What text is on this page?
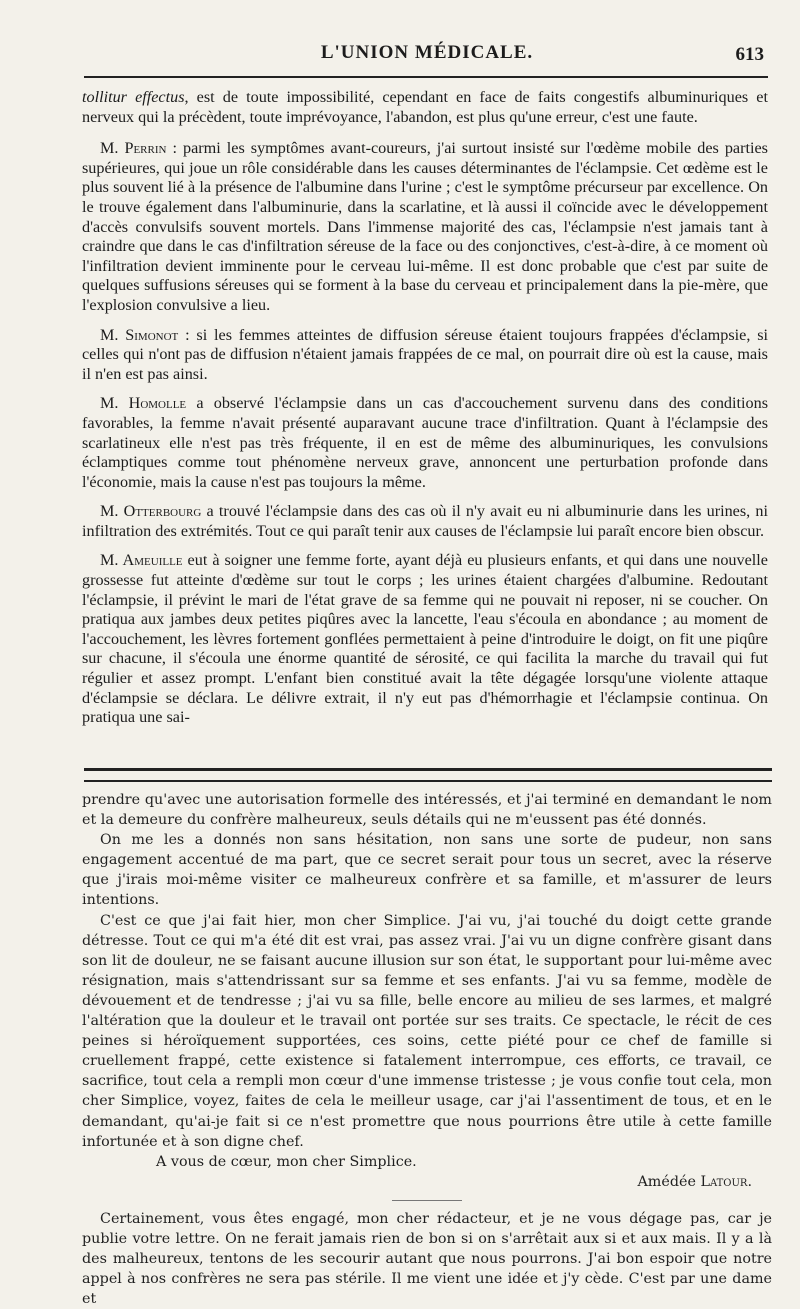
L'UNION MÉDICALE.	613

tollitur effectus, est de toute impossibilité, cependant en face de faits congestifs albuminuriques et nerveux qui la précèdent, toute imprévoyance, l'abandon, est plus qu'une erreur, c'est une faute.

M. Perrin : parmi les symptômes avant-coureurs, j'ai surtout insisté sur l'œdème mobile des parties supérieures, qui joue un rôle considérable dans les causes déterminantes de l'éclampsie. Cet œdème est le plus souvent lié à la présence de l'albumine dans l'urine ; c'est le symptôme précurseur par excellence. On le trouve également dans l'albuminurie, dans la scarlatine, et là aussi il coïncide avec le développement d'accès convulsifs souvent mortels. Dans l'immense majorité des cas, l'éclampsie n'est jamais tant à craindre que dans le cas d'infiltration séreuse de la face ou des conjonctives, c'est-à-dire, à ce moment où l'infiltration devient imminente pour le cerveau lui-même. Il est donc probable que c'est par suite de quelques suffusions séreuses qui se forment à la base du cerveau et principalement dans la pie-mère, que l'explosion convulsive a lieu.

M. Simonot : si les femmes atteintes de diffusion séreuse étaient toujours frappées d'éclampsie, si celles qui n'ont pas de diffusion n'étaient jamais frappées de ce mal, on pourrait dire où est la cause, mais il n'en est pas ainsi.

M. Homolle a observé l'éclampsie dans un cas d'accouchement survenu dans des conditions favorables, la femme n'avait présenté auparavant aucune trace d'infiltration. Quant à l'éclampsie des scarlatineux elle n'est pas très fréquente, il en est de même des albuminuriques, les convulsions éclamptiques comme tout phénomène nerveux grave, annoncent une perturbation profonde dans l'économie, mais la cause n'est pas toujours la même.

M. Otterbourg a trouvé l'éclampsie dans des cas où il n'y avait eu ni albuminurie dans les urines, ni infiltration des extrémités. Tout ce qui paraît tenir aux causes de l'éclampsie lui paraît encore bien obscur.

M. Ameuille eut à soigner une femme forte, ayant déjà eu plusieurs enfants, et qui dans une nouvelle grossesse fut atteinte d'œdème sur tout le corps ; les urines étaient chargées d'albumine. Redoutant l'éclampsie, il prévint le mari de l'état grave de sa femme qui ne pouvait ni reposer, ni se coucher. On pratiqua aux jambes deux petites piqûres avec la lancette, l'eau s'écoula en abondance ; au moment de l'accouchement, les lèvres fortement gonflées permettaient à peine d'introduire le doigt, on fit une piqûre sur chacune, il s'écoula une énorme quantité de sérosité, ce qui facilita la marche du travail qui fut régulier et assez prompt. L'enfant bien constitué avait la tête dégagée lorsqu'une violente attaque d'éclampsie se déclara. Le délivre extrait, il n'y eut pas d'hémorrhagie et l'éclampsie continua. On pratiqua une sai-

prendre qu'avec une autorisation formelle des intéressés, et j'ai terminé en demandant le nom et la demeure du confrère malheureux, seuls détails qui ne m'eussent pas été donnés.

On me les a donnés non sans hésitation, non sans une sorte de pudeur, non sans engagement accentué de ma part, que ce secret serait pour tous un secret, avec la réserve que j'irais moi-même visiter ce malheureux confrère et sa famille, et m'assurer de leurs intentions.

C'est ce que j'ai fait hier, mon cher Simplice. J'ai vu, j'ai touché du doigt cette grande détresse. Tout ce qui m'a été dit est vrai, pas assez vrai. J'ai vu un digne confrère gisant dans son lit de douleur, ne se faisant aucune illusion sur son état, le supportant pour lui-même avec résignation, mais s'attendrissant sur sa femme et ses enfants. J'ai vu sa femme, modèle de dévouement et de tendresse ; j'ai vu sa fille, belle encore au milieu de ses larmes, et malgré l'altération que la douleur et le travail ont portée sur ses traits. Ce spectacle, le récit de ces peines si héroïquement supportées, ces soins, cette piété pour ce chef de famille si cruellement frappé, cette existence si fatalement interrompue, ces efforts, ce travail, ce sacrifice, tout cela a rempli mon cœur d'une immense tristesse ; je vous confie tout cela, mon cher Simplice, voyez, faites de cela le meilleur usage, car j'ai l'assentiment de tous, et en le demandant, qu'ai-je fait si ce n'est promettre que nous pourrions être utile à cette famille infortunée et à son digne chef.

A vous de cœur, mon cher Simplice.

Amédée Latour.

Certainement, vous êtes engagé, mon cher rédacteur, et je ne vous dégage pas, car je publie votre lettre. On ne ferait jamais rien de bon si on s'arrêtait aux si et aux mais. Il y a là des malheureux, tentons de les secourir autant que nous pourrons. J'ai bon espoir que notre appel à nos confrères ne sera pas stérile. Il me vient une idée et j'y cède. C'est par une dame et
